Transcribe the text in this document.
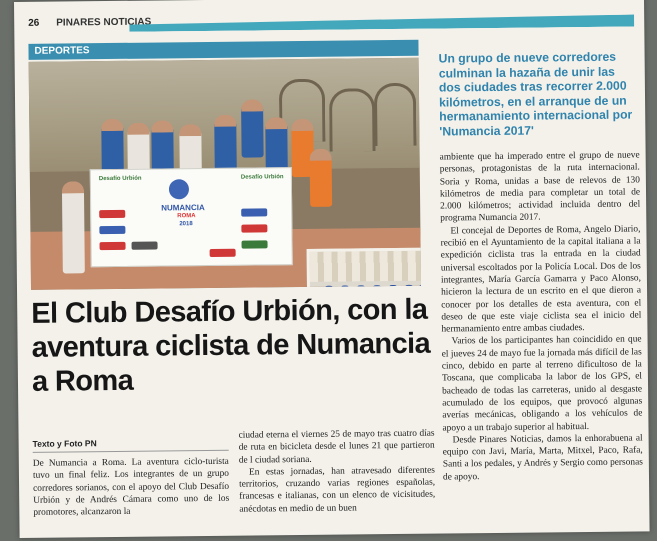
26 PINARES NOTICIAS
DEPORTES
Desafío Urbión	Desafío Urbión
NUMANCIA
ROMA
2018
Un grupo de nueve corredores culminan la hazaña de unir las dos ciudades tras recorrer 2.000 kilómetros, en el arranque de un hermanamiento internacional por 'Numancia 2017'

ambiente que ha imperado entre el grupo de nueve personas, protagonistas de la ruta internacional. Soria y Roma, unidas a base de relevos de 130 kilómetros de media para completar un total de 2.000 kilómetros; actividad incluida dentro del programa Numancia 2017.

El concejal de Deportes de Roma, Angelo Diario, recibió en el Ayuntamiento de la capital italiana a la expedición ciclista tras la entrada en la ciudad universal escoltados por la Policía Local. Dos de los integrantes, María García Gamarra y Paco Alonso, hicieron la lectura de un escrito en el que dieron a conocer por los detalles de esta aventura, con el deseo de que este viaje ciclista sea el inicio del hermanamiento entre ambas ciudades.

Varios de los participantes han coincidido en que el jueves 24 de mayo fue la jornada más difícil de las cinco, debido en parte al terreno dificultoso de la Toscana, que complicaba la labor de los GPS, el bacheado de todas las carreteras, unido al desgaste acumulado de los equipos, que provocó algunas averías mecánicas, obligando a los vehículos de apoyo a un trabajo superior al habitual.

Desde Pinares Noticias, damos la enhorabuena al equipo con Javi, María, Marta, Mitxel, Paco, Rafa, Santi a los pedales, y Andrés y Sergio como personas de apoyo.

El Club Desafío Urbión, con la aventura ciclista de Numancia a Roma
Texto y Foto PN

De Numancia a Roma. La aventura ciclo-turista tuvo un final feliz. Los integrantes de un grupo corredores sorianos, con el apoyo del Club Desafío Urbión y de Andrés Cámara como uno de los promotores, alcanzaron la

ciudad eterna el viernes 25 de mayo tras cuatro días de ruta en bicicleta desde el lunes 21 que partieron de l ciudad soriana.

En estas jornadas, han atravesado diferentes territorios, cruzando varias regiones españolas, francesas e italianas, con un elenco de vicisitudes, anécdotas en medio de un buen
